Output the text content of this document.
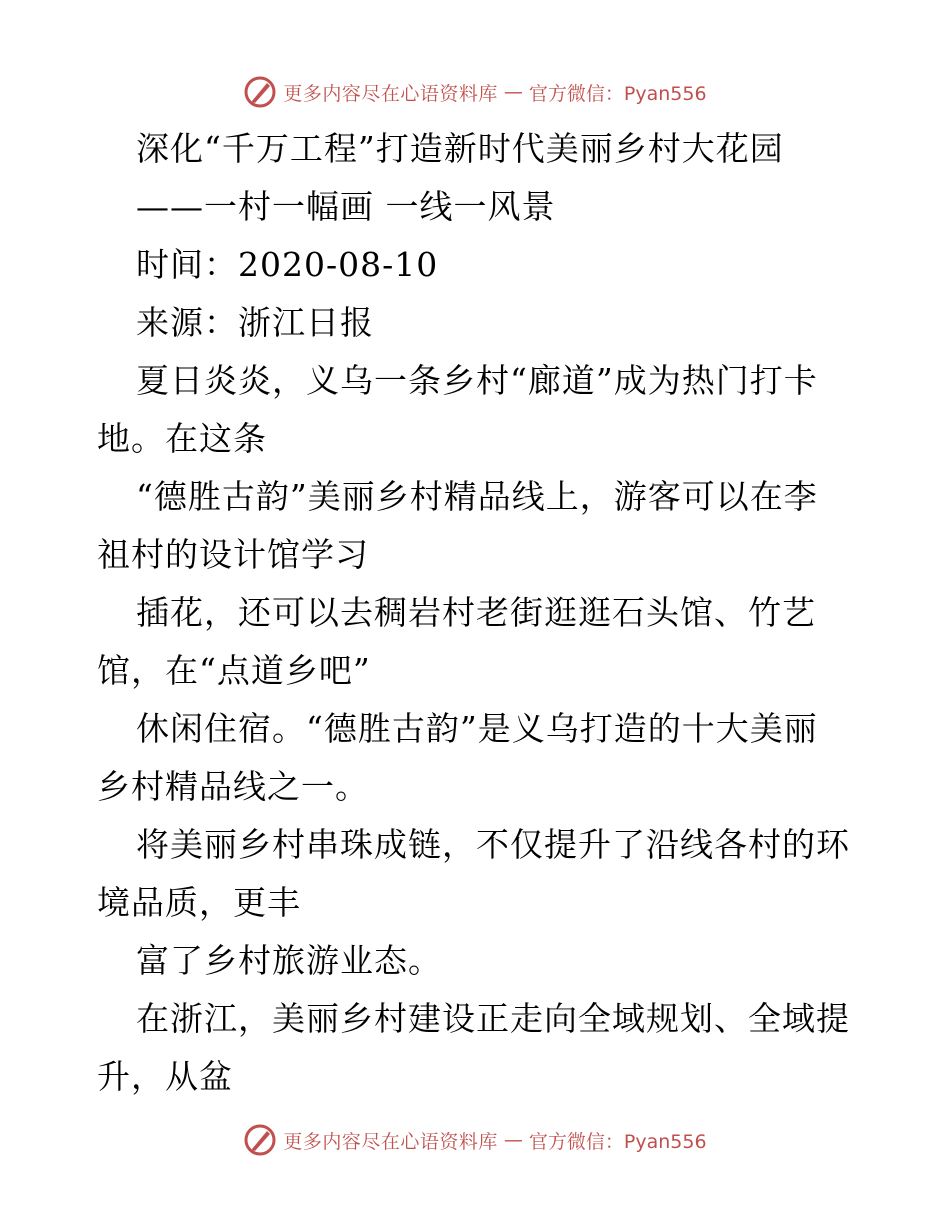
更多内容尽在心语资料库 — 官方微信：Pyan556
深化“千万工程”打造新时代美丽乡村大花园
——一村一幅画 一线一风景
时间：2020-08-10
来源：浙江日报
夏日炎炎，义乌一条乡村“廊道”成为热门打卡
地。在这条
“德胜古韵”美丽乡村精品线上，游客可以在李
祖村的设计馆学习
插花，还可以去稠岩村老街逛逛石头馆、竹艺
馆，在“点道乡吧”
休闲住宿。“德胜古韵”是义乌打造的十大美丽
乡村精品线之一。
将美丽乡村串珠成链，不仅提升了沿线各村的环
境品质，更丰
富了乡村旅游业态。
在浙江，美丽乡村建设正走向全域规划、全域提
升，从盆
更多内容尽在心语资料库 — 官方微信：Pyan556
